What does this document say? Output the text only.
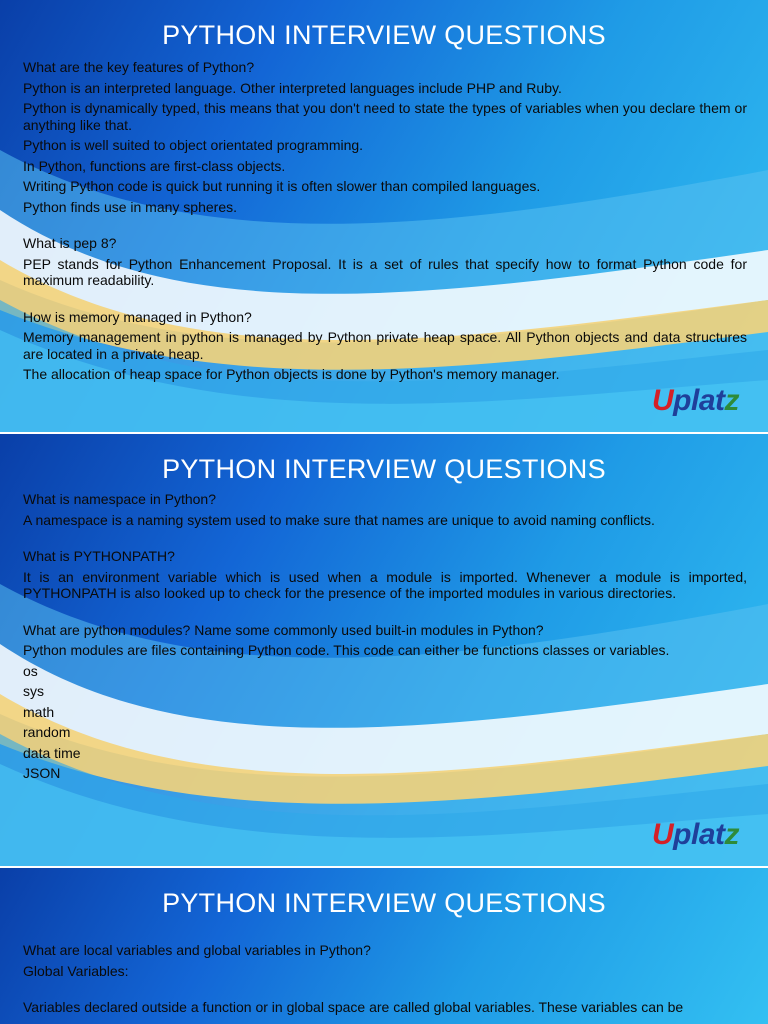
PYTHON INTERVIEW QUESTIONS

What are the key features of Python?

Python is an interpreted language. Other interpreted languages include PHP and Ruby.

Python is dynamically typed, this means that you don't need to state the types of variables when you declare them or anything like that.

Python is well suited to object orientated programming.

In Python, functions are first-class objects.

Writing Python code is quick but running it is often slower than compiled languages.

Python finds use in many spheres.

What is pep 8?

PEP stands for Python Enhancement Proposal. It is a set of rules that specify how to format Python code for maximum readability.

How is memory managed in Python?

Memory management in python is managed by Python private heap space. All Python objects and data structures are located in a private heap.

The allocation of heap space for Python objects is done by Python's memory manager.

Uplatz
PYTHON INTERVIEW QUESTIONS

What is namespace in Python?

A namespace is a naming system used to make sure that names are unique to avoid naming conflicts.

What is PYTHONPATH?

It is an environment variable which is used when a module is imported. Whenever a module is imported, PYTHONPATH is also looked up to check for the presence of the imported modules in various directories.

What are python modules? Name some commonly used built-in modules in Python?

Python modules are files containing Python code. This code can either be functions classes or variables.

os

sys

math

random

data time

JSON

Uplatz
PYTHON INTERVIEW QUESTIONS

What are local variables and global variables in Python?

Global Variables:

Variables declared outside a function or in global space are called global variables. These variables can be
